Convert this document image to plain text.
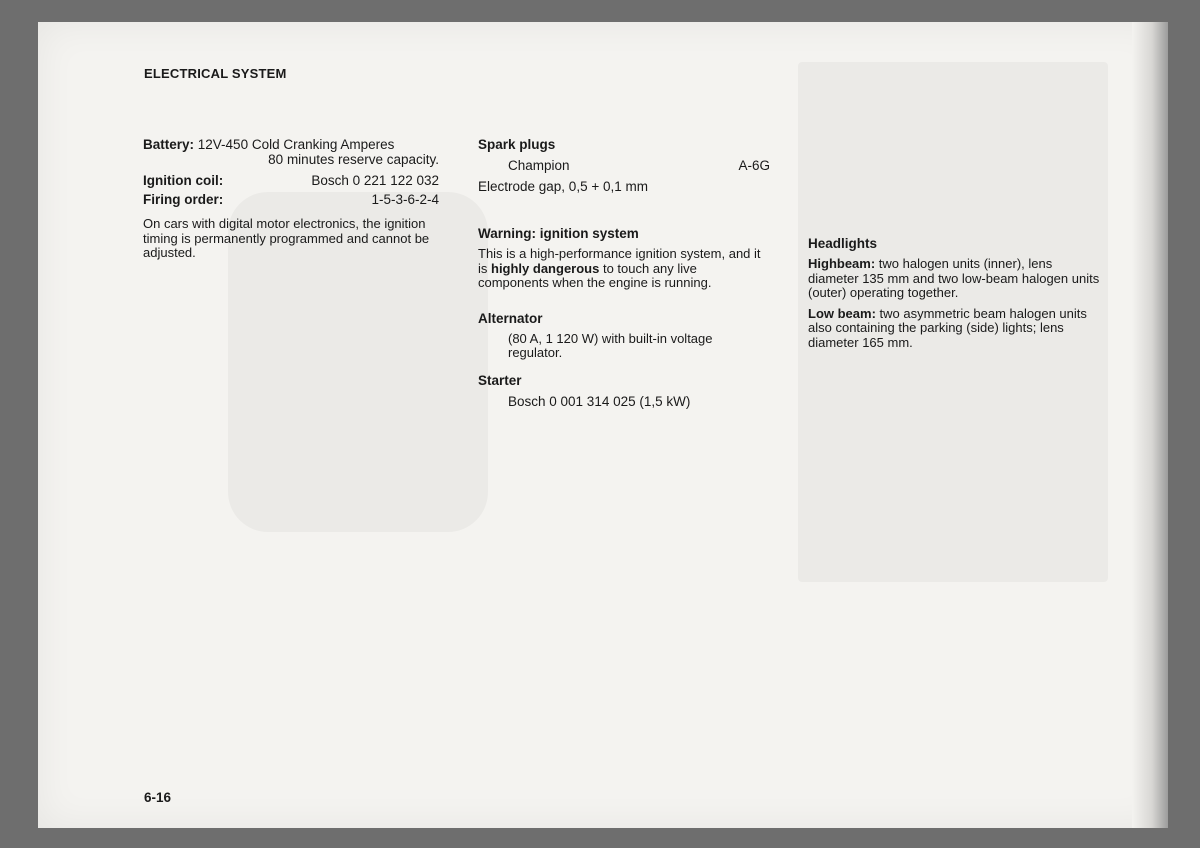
ELECTRICAL SYSTEM
Battery: 12V-450 Cold Cranking Amperes
80 minutes reserve capacity.
Ignition coil:	Bosch 0 221 122 032
Firing order:	1-5-3-6-2-4

On cars with digital motor electronics, the ignition timing is permanently programmed and cannot be adjusted.

Spark plugs
Champion	A-6G

Electrode gap, 0,5 + 0,1 mm

Warning: ignition system

This is a high-performance ignition system, and it is highly dangerous to touch any live components when the engine is running.

Alternator

(80 A, 1 120 W) with built-in voltage regulator.

Starter
Bosch 0 001 314 025 (1,5 kW)
Headlights

Highbeam: two halogen units (inner), lens diameter 135 mm and two low-beam halogen units (outer) operating together.

Low beam: two asymmetric beam halogen units also containing the parking (side) lights; lens diameter 165 mm.

6-16
